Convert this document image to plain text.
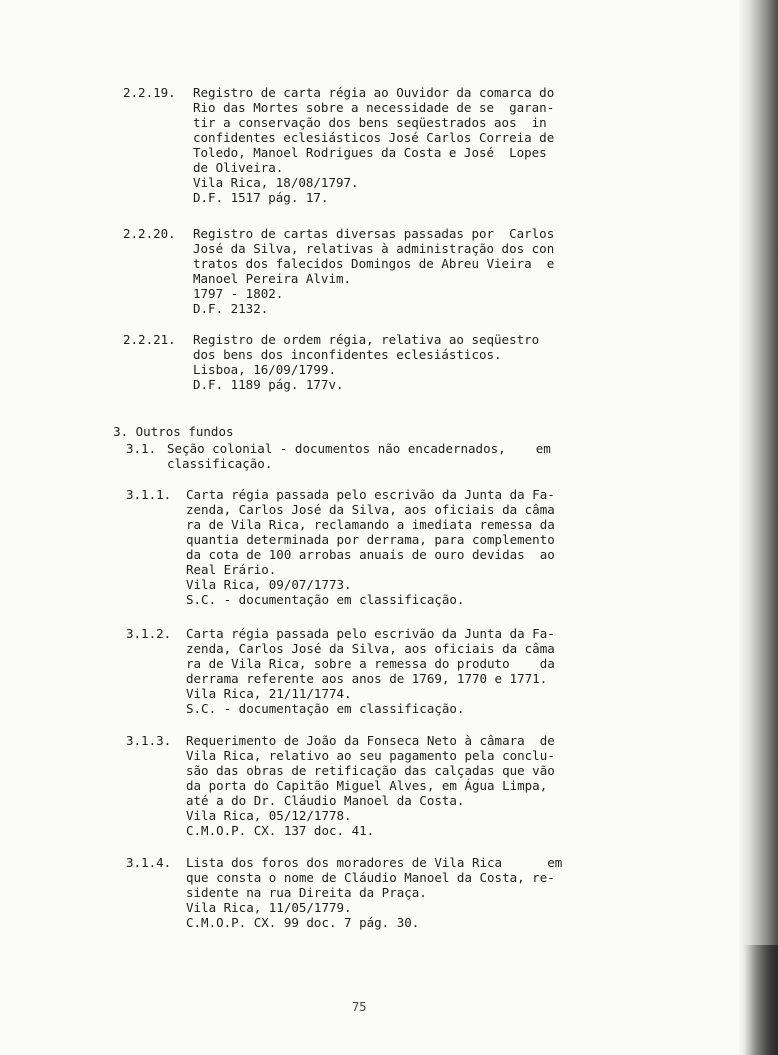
2.2.19. Registro de carta régia ao Ouvidor da comarca do
Rio das Mortes sobre a necessidade de se  garan-
tir a conservação dos bens seqüestrados aos  in
confidentes eclesiásticos José Carlos Correia de
Toledo, Manoel Rodrigues da Costa e José  Lopes
de Oliveira.
Vila Rica, 18/08/1797.
D.F. 1517 pág. 17.
2.2.20. Registro de cartas diversas passadas por  Carlos
José da Silva, relativas à administração dos con
tratos dos falecidos Domingos de Abreu Vieira  e
Manoel Pereira Alvim.
1797 - 1802.
D.F. 2132.
2.2.21. Registro de ordem régia, relativa ao seqüestro
dos bens dos inconfidentes eclesiásticos.
Lisboa, 16/09/1799.
D.F. 1189 pág. 177v.

3. Outros fundos

3.1. Seção colonial - documentos não encadernados,    em
classificação.
3.1.1. Carta régia passada pelo escrivão da Junta da Fa-
zenda, Carlos José da Silva, aos oficiais da câma
ra de Vila Rica, reclamando a imediata remessa da
quantia determinada por derrama, para complemento
da cota de 100 arrobas anuais de ouro devidas  ao
Real Erário.
Vila Rica, 09/07/1773.
S.C. - documentação em classificação.
3.1.2. Carta régia passada pelo escrivão da Junta da Fa-
zenda, Carlos José da Silva, aos oficiais da câma
ra de Vila Rica, sobre a remessa do produto    da
derrama referente aos anos de 1769, 1770 e 1771.
Vila Rica, 21/11/1774.
S.C. - documentação em classificação.
3.1.3. Requerimento de João da Fonseca Neto à câmara  de
Vila Rica, relativo ao seu pagamento pela conclu-
são das obras de retificação das calçadas que vão
da porta do Capitão Miguel Alves, em Água Limpa,
até a do Dr. Cláudio Manoel da Costa.
Vila Rica, 05/12/1778.
C.M.O.P. CX. 137 doc. 41.
3.1.4. Lista dos foros dos moradores de Vila Rica      em
que consta o nome de Cláudio Manoel da Costa, re-
sidente na rua Direita da Praça.
Vila Rica, 11/05/1779.
C.M.O.P. CX. 99 doc. 7 pág. 30.
75
